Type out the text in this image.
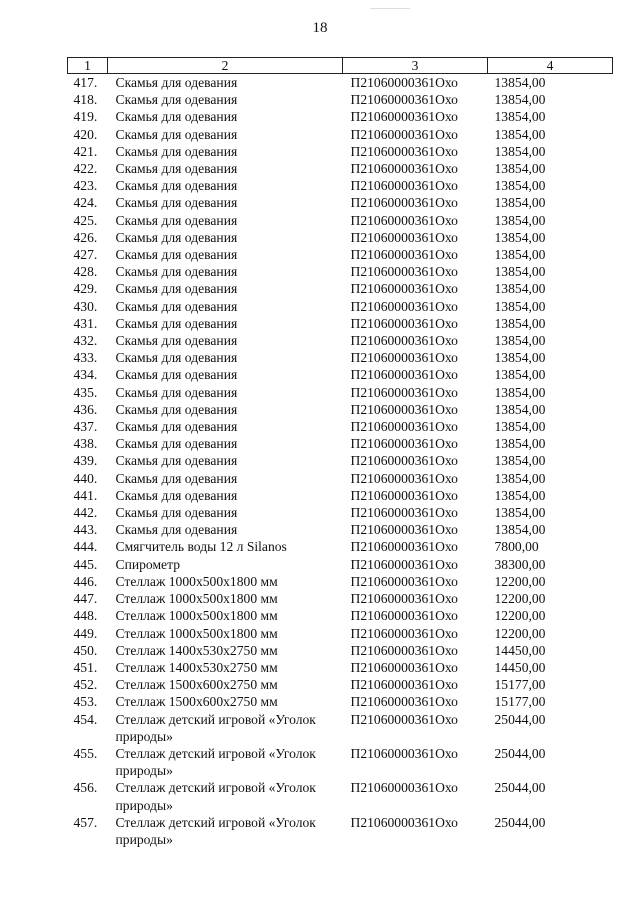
18
1	2	3	4
417.	Скамья для одевания	П21060000361Охо	13854,00
418.	Скамья для одевания	П21060000361Охо	13854,00
419.	Скамья для одевания	П21060000361Охо	13854,00
420.	Скамья для одевания	П21060000361Охо	13854,00
421.	Скамья для одевания	П21060000361Охо	13854,00
422.	Скамья для одевания	П21060000361Охо	13854,00
423.	Скамья для одевания	П21060000361Охо	13854,00
424.	Скамья для одевания	П21060000361Охо	13854,00
425.	Скамья для одевания	П21060000361Охо	13854,00
426.	Скамья для одевания	П21060000361Охо	13854,00
427.	Скамья для одевания	П21060000361Охо	13854,00
428.	Скамья для одевания	П21060000361Охо	13854,00
429.	Скамья для одевания	П21060000361Охо	13854,00
430.	Скамья для одевания	П21060000361Охо	13854,00
431.	Скамья для одевания	П21060000361Охо	13854,00
432.	Скамья для одевания	П21060000361Охо	13854,00
433.	Скамья для одевания	П21060000361Охо	13854,00
434.	Скамья для одевания	П21060000361Охо	13854,00
435.	Скамья для одевания	П21060000361Охо	13854,00
436.	Скамья для одевания	П21060000361Охо	13854,00
437.	Скамья для одевания	П21060000361Охо	13854,00
438.	Скамья для одевания	П21060000361Охо	13854,00
439.	Скамья для одевания	П21060000361Охо	13854,00
440.	Скамья для одевания	П21060000361Охо	13854,00
441.	Скамья для одевания	П21060000361Охо	13854,00
442.	Скамья для одевания	П21060000361Охо	13854,00
443.	Скамья для одевания	П21060000361Охо	13854,00
444.	Смягчитель воды 12 л Silanos	П21060000361Охо	7800,00
445.	Спирометр	П21060000361Охо	38300,00
446.	Стеллаж 1000x500x1800 мм	П21060000361Охо	12200,00
447.	Стеллаж 1000x500x1800 мм	П21060000361Охо	12200,00
448.	Стеллаж 1000x500x1800 мм	П21060000361Охо	12200,00
449.	Стеллаж 1000x500x1800 мм	П21060000361Охо	12200,00
450.	Стеллаж 1400x530x2750 мм	П21060000361Охо	14450,00
451.	Стеллаж 1400x530x2750 мм	П21060000361Охо	14450,00
452.	Стеллаж 1500x600x2750 мм	П21060000361Охо	15177,00
453.	Стеллаж 1500x600x2750 мм	П21060000361Охо	15177,00
454.	Стеллаж детский игровой «Уголок природы»	П21060000361Охо	25044,00
455.	Стеллаж детский игровой «Уголок природы»	П21060000361Охо	25044,00
456.	Стеллаж детский игровой «Уголок природы»	П21060000361Охо	25044,00
457.	Стеллаж детский игровой «Уголок природы»	П21060000361Охо	25044,00
